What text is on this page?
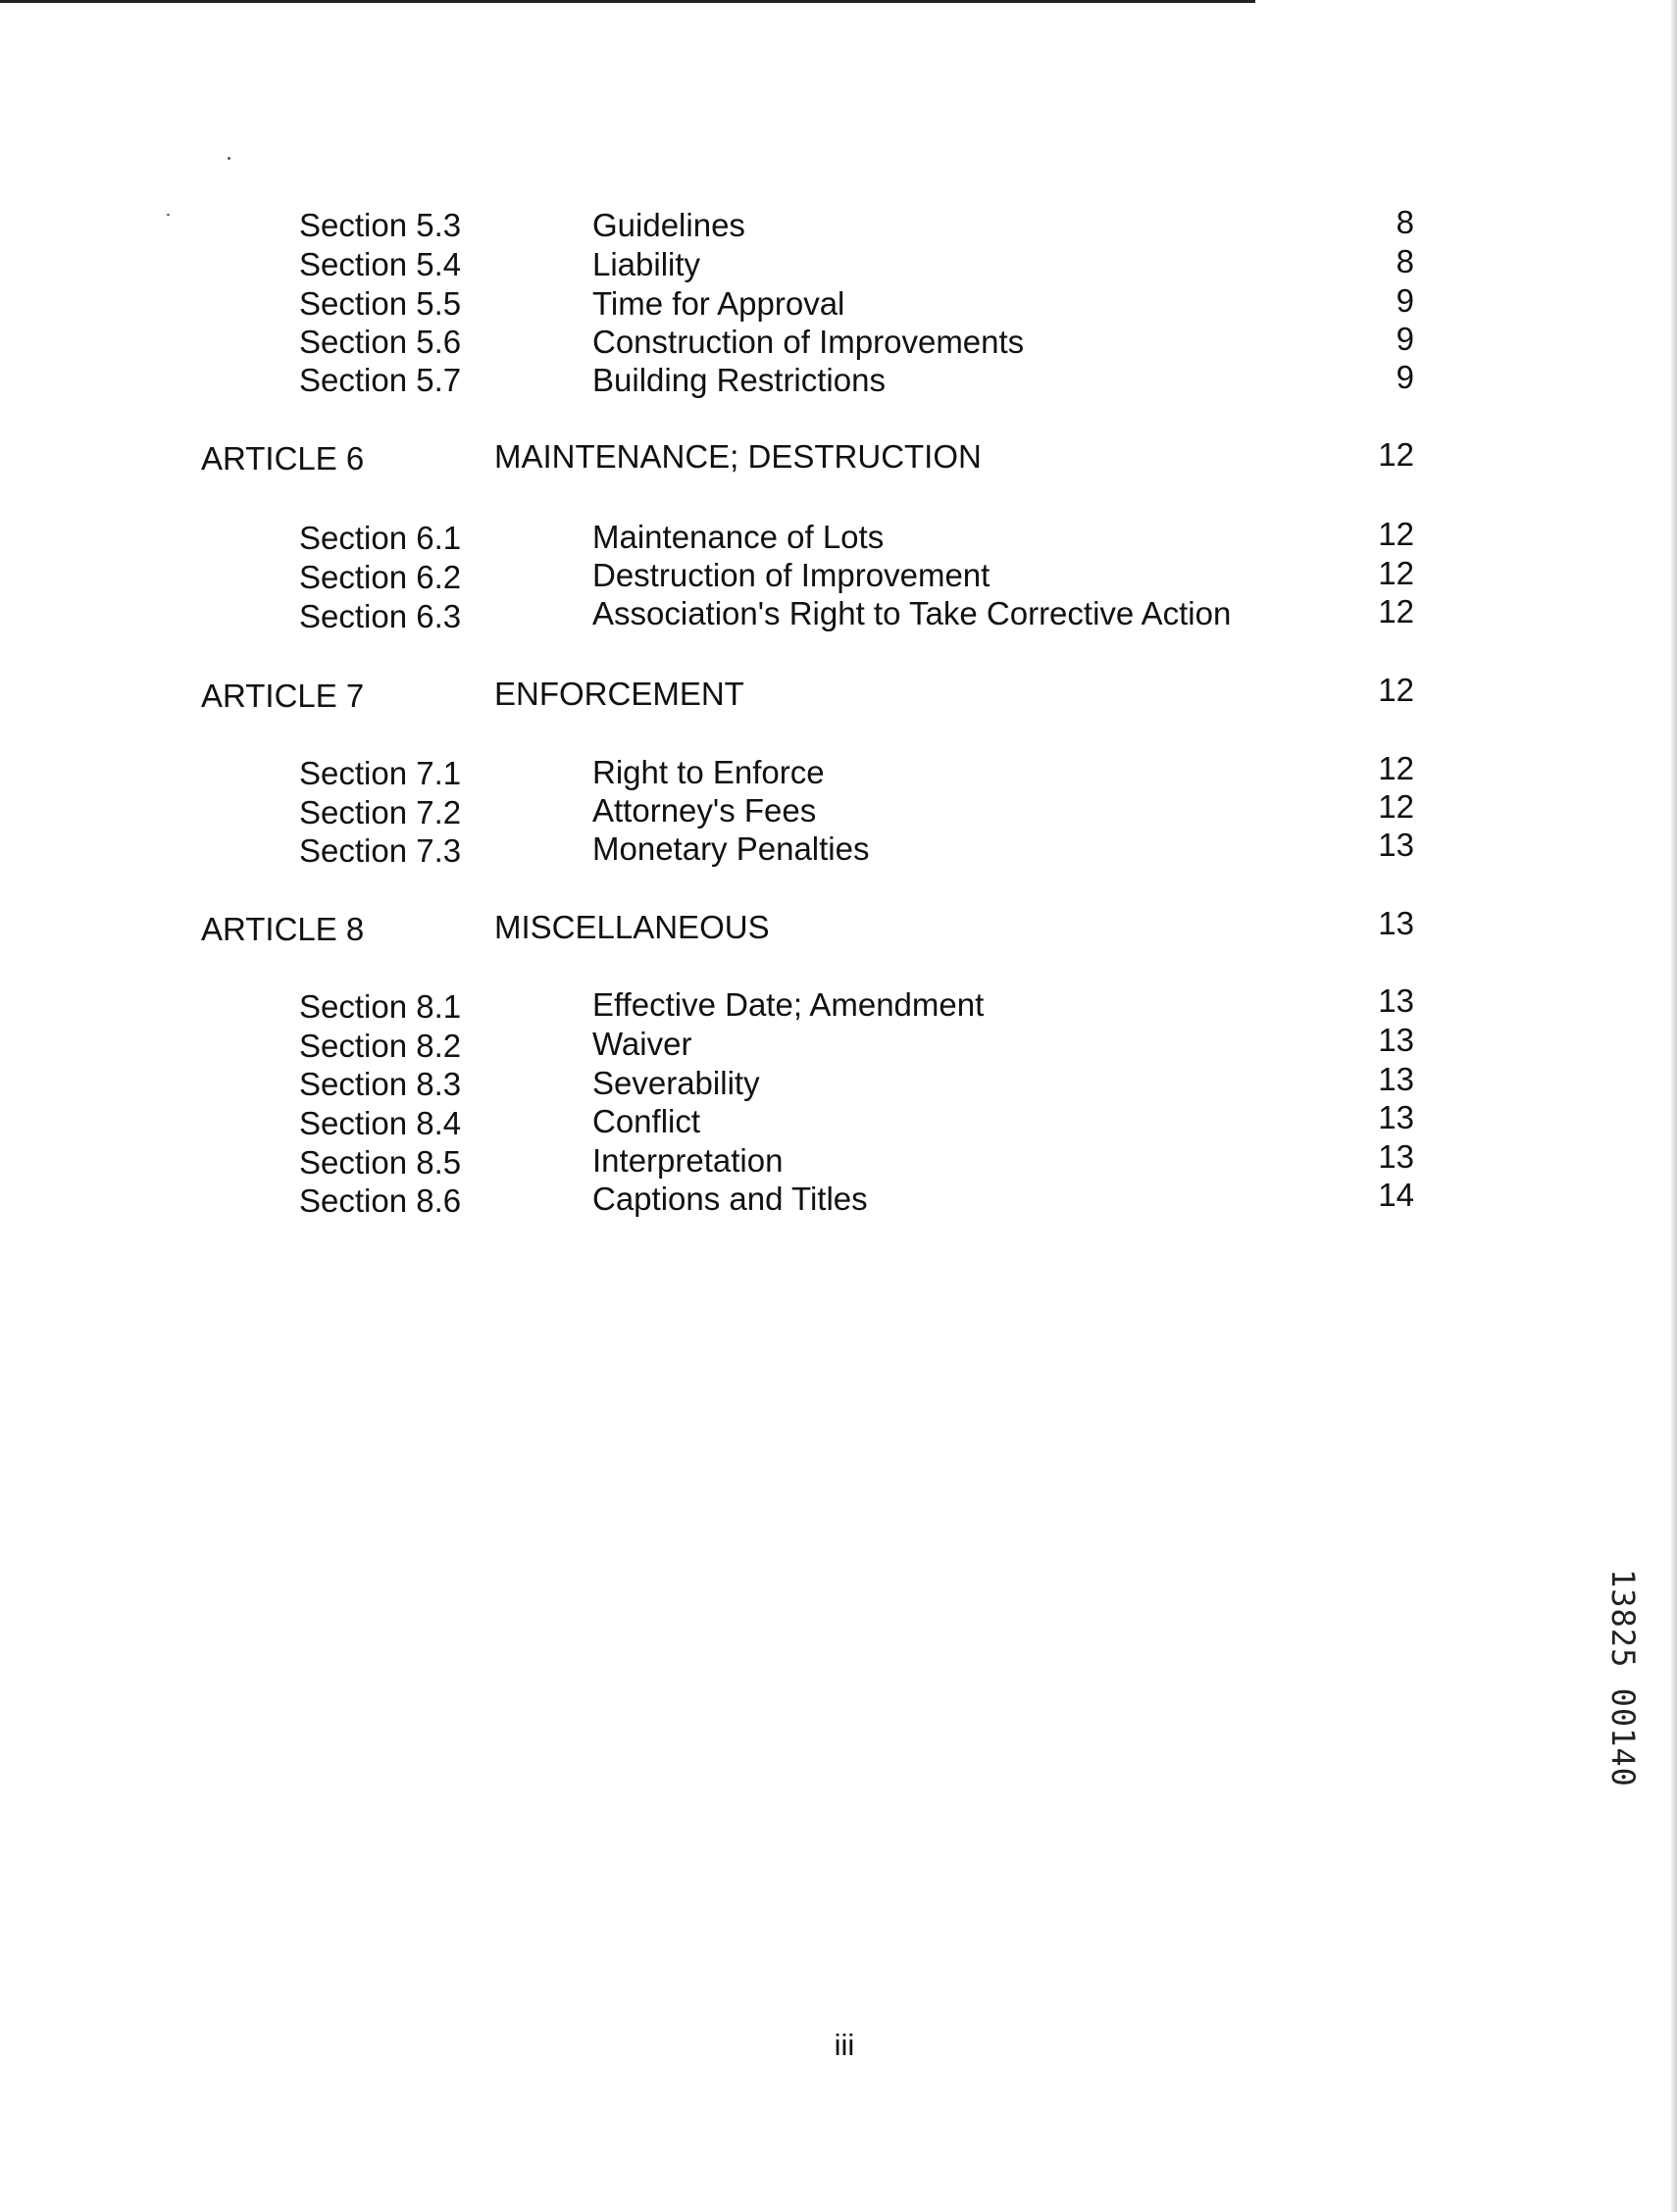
Section 5.3	Guidelines	8
Section 5.4	Liability	8
Section 5.5	Time for Approval	9
Section 5.6	Construction of Improvements	9
Section 5.7	Building Restrictions	9
ARTICLE 6	MAINTENANCE; DESTRUCTION	12
Section 6.1	Maintenance of Lots	12
Section 6.2	Destruction of Improvement	12
Section 6.3	Association's Right to Take Corrective Action	12
ARTICLE 7	ENFORCEMENT	12
Section 7.1	Right to Enforce	12
Section 7.2	Attorney's Fees	12
Section 7.3	Monetary Penalties	13
ARTICLE 8	MISCELLANEOUS	13
Section 8.1	Effective Date; Amendment	13
Section 8.2	Waiver	13
Section 8.3	Severability	13
Section 8.4	Conflict	13
Section 8.5	Interpretation	13
Section 8.6	Captions and Titles	14
iii
13825 00140
